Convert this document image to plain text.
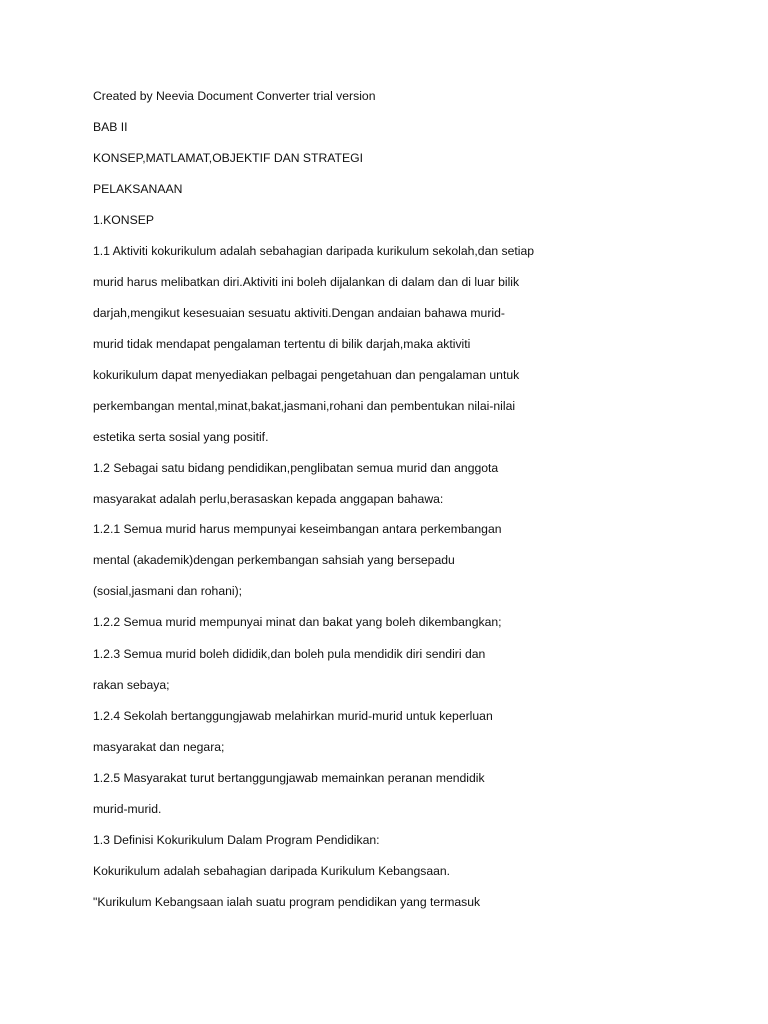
Created by Neevia Document Converter trial version

BAB II

KONSEP,MATLAMAT,OBJEKTIF DAN STRATEGI

PELAKSANAAN

1.KONSEP

1.1 Aktiviti kokurikulum adalah sebahagian daripada kurikulum sekolah,dan setiap

murid harus melibatkan diri.Aktiviti ini boleh dijalankan di dalam dan di luar bilik

darjah,mengikut kesesuaian sesuatu aktiviti.Dengan andaian bahawa murid-

murid tidak mendapat pengalaman tertentu di bilik darjah,maka aktiviti

kokurikulum dapat menyediakan pelbagai pengetahuan dan pengalaman untuk

perkembangan mental,minat,bakat,jasmani,rohani dan pembentukan nilai-nilai

estetika serta sosial yang positif.

1.2 Sebagai satu bidang pendidikan,penglibatan semua murid dan anggota

masyarakat adalah perlu,berasaskan kepada anggapan bahawa:

1.2.1 Semua murid harus mempunyai keseimbangan antara perkembangan

mental (akademik)dengan perkembangan sahsiah yang bersepadu

(sosial,jasmani dan rohani);

1.2.2 Semua murid mempunyai minat dan bakat yang boleh dikembangkan;

1.2.3 Semua murid boleh dididik,dan boleh pula mendidik diri sendiri dan

rakan sebaya;

1.2.4 Sekolah bertanggungjawab melahirkan murid-murid untuk keperluan

masyarakat dan negara;

1.2.5 Masyarakat turut bertanggungjawab memainkan peranan mendidik

murid-murid.

1.3 Definisi Kokurikulum Dalam Program Pendidikan:

Kokurikulum adalah sebahagian daripada Kurikulum Kebangsaan.

"Kurikulum Kebangsaan ialah suatu program pendidikan yang termasuk
